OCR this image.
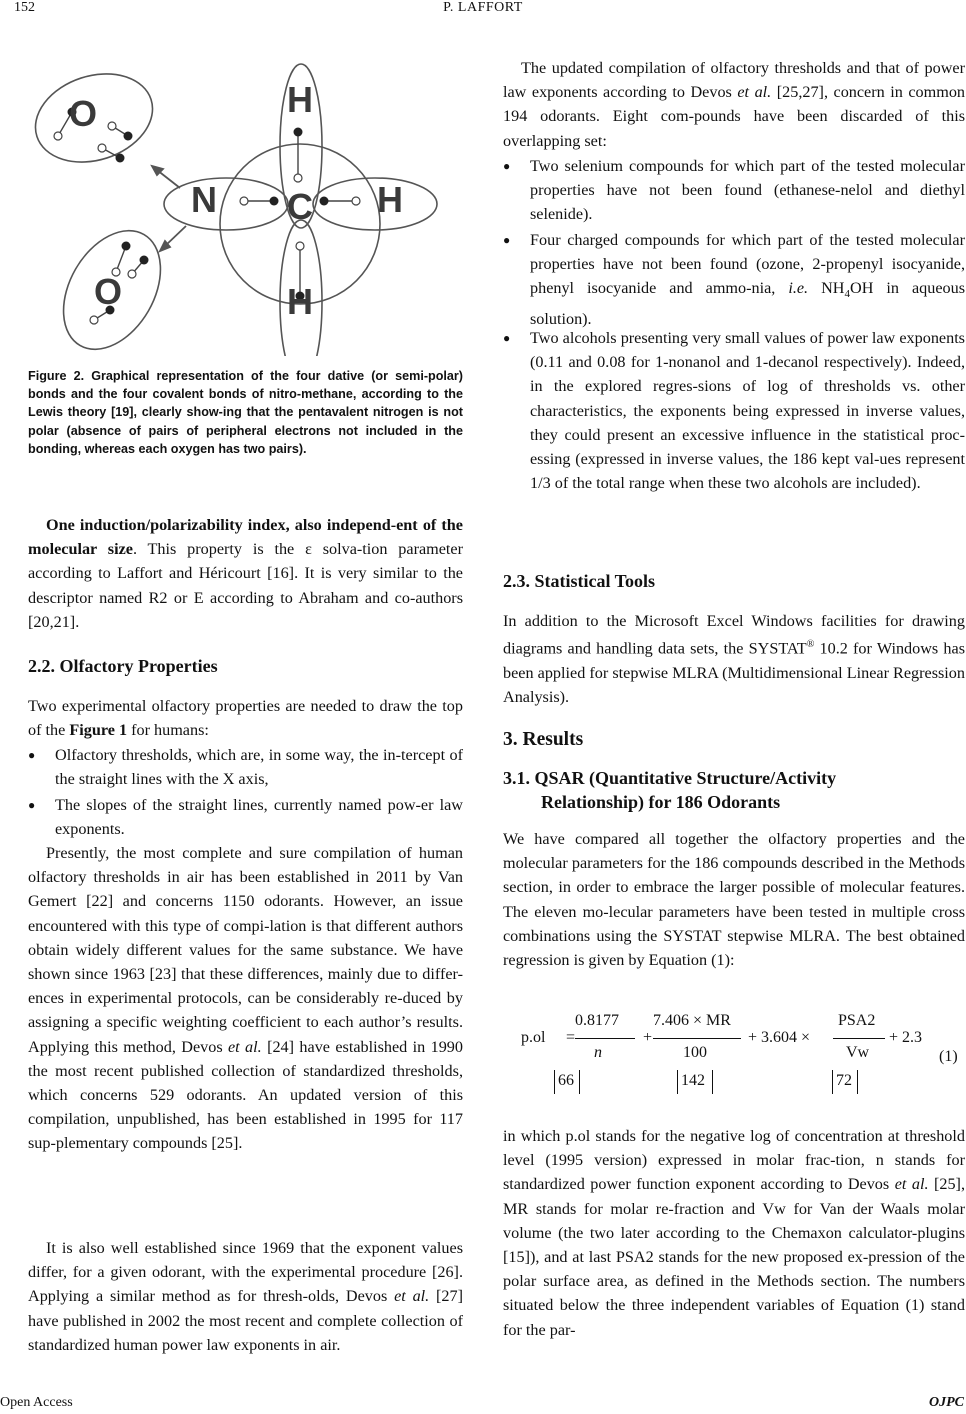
152	P. LAFFORT
O
O
H
H
H
N C
Figure 2. Graphical representation of the four dative (or semi-polar) bonds and the four covalent bonds of nitro-methane, according to the Lewis theory [19], clearly show-ing that the pentavalent nitrogen is not polar (absence of pairs of peripheral electrons not included in the bonding, whereas each oxygen has two pairs).
One induction/polarizability index, also independ-ent of the molecular size. This property is the ε solva-tion parameter according to Laffort and Héricourt [16]. It is very similar to the descriptor named R2 or E according to Abraham and co-authors [20,21].
2.2. Olfactory Properties
Two experimental olfactory properties are needed to draw the top of the Figure 1 for humans:
● Olfactory thresholds, which are, in some way, the in-tercept of the straight lines with the X axis,
● The slopes of the straight lines, currently named pow-er law exponents.
Presently, the most complete and sure compilation of human olfactory thresholds in air has been established in 2011 by Van Gemert [22] and concerns 1150 odorants. However, an issue encountered with this type of compi-lation is that different authors obtain widely different values for the same substance. We have shown since 1963 [23] that these differences, mainly due to differ-ences in experimental protocols, can be considerably re-duced by assigning a specific weighting coefficient to each author’s results. Applying this method, Devos et al. [24] have established in 1990 the most recent published collection of standardized thresholds, which concerns 529 odorants. An updated version of this compilation, unpublished, has been established in 1995 for 117 sup-plementary compounds [25].
It is also well established since 1969 that the exponent values differ, for a given odorant, with the experimental procedure [26]. Applying a similar method as for thresh-olds, Devos et al. [27] have published in 2002 the most recent and complete collection of standardized human power law exponents in air.
The updated compilation of olfactory thresholds and that of power law exponents according to Devos et al. [25,27], concern in common 194 odorants. Eight com-pounds have been discarded of this overlapping set:
● Two selenium compounds for which part of the tested molecular properties have not been found (ethanese-nelol and diethyl selenide).
● Four charged compounds for which part of the tested molecular properties have not been found (ozone, 2-propenyl isocyanide, phenyl isocyanide and ammo-nia, i.e. $NH_4OH$ in aqueous solution).
● Two alcohols presenting very small values of power law exponents (0.11 and 0.08 for 1-nonanol and 1-decanol respectively). Indeed, in the explored regres-sions of log of thresholds vs. other characteristics, the exponents being expressed in inverse values, they could present an excessive influence in the statistical proc-essing (expressed in inverse values, the 186 kept val-ues represent 1/3 of the total range when these two alcohols are included).
2.3. Statistical Tools
In addition to the Microsoft Excel Windows facilities for drawing diagrams and handling data sets, the SYSTAT® 10.2 for Windows has been applied for stepwise MLRA (Multidimensional Linear Regression Analysis).
3. Results
3.1. QSAR (Quantitative Structure/Activity
Relationship) for 186 Odorants
We have compared all together the olfactory properties and the molecular parameters for the 186 compounds described in the Methods section, in order to embrace the larger possible of molecular features. The eleven mo-lecular parameters have been tested in multiple cross combinations using the SYSTAT stepwise MLRA. The best obtained regression is given by Equation (1):
p.ol =
0.8177
n
+
7.406 × MR
100
+ 3.604 ×
PSA2
Vw
+ 2.3
(1)
66	142	72
in which p.ol stands for the negative log of concentration at threshold level (1995 version) expressed in molar frac-tion, n stands for standardized power function exponent according to Devos et al. [25], MR stands for molar re-fraction and Vw for Van der Waals molar volume (the two later according to the Chemaxon calculator-plugins [15]), and at last PSA2 stands for the new proposed ex-pression of the polar surface area, as defined in the Methods section. The numbers situated below the three independent variables of Equation (1) stand for the par-
Open Access	OJPC
